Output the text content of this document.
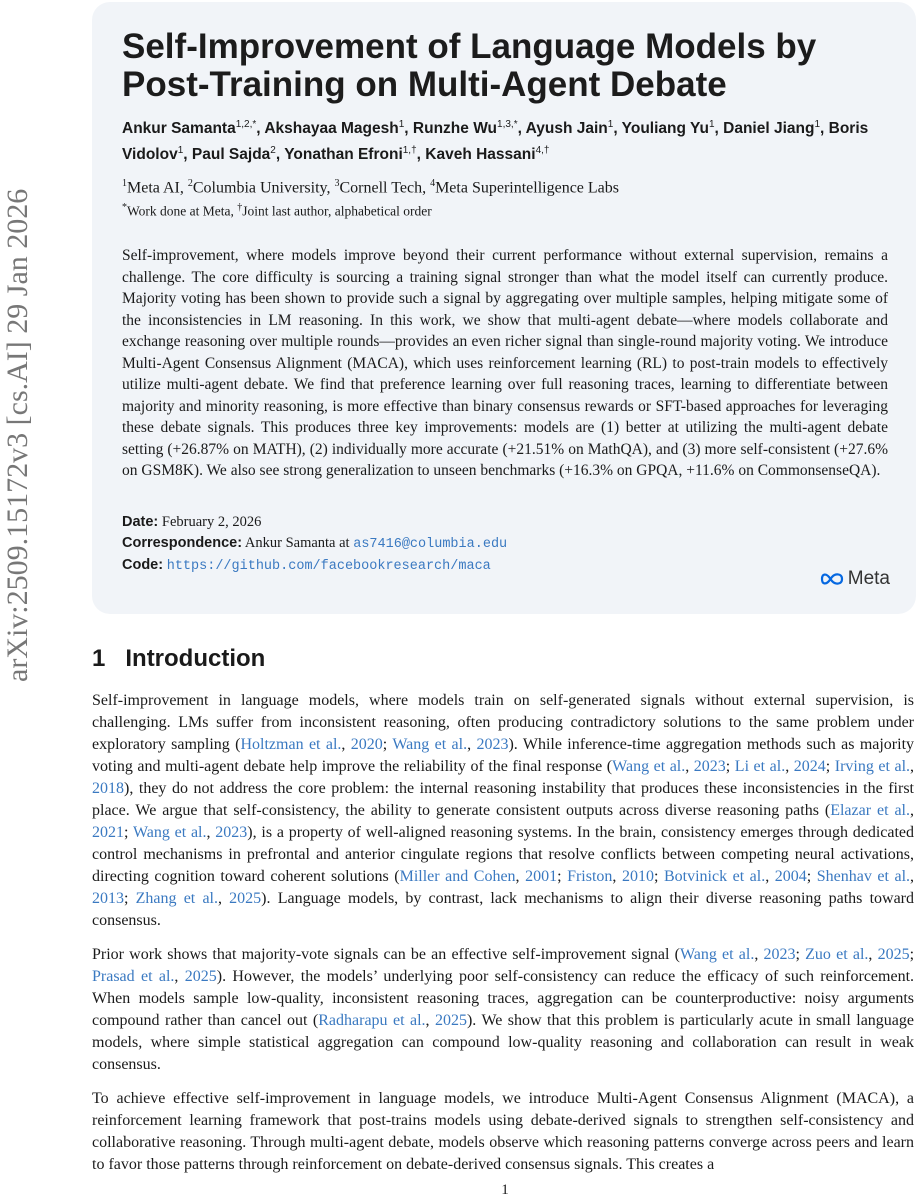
arXiv:2509.15172v3 [cs.AI] 29 Jan 2026
Self-Improvement of Language Models by Post-Training on Multi-Agent Debate

Ankur Samanta$^{1,2,*}$, Akshayaa Magesh$^1$, Runzhe $Wu^{1,3,*}$, Ayush Jain$^1$, Youliang Yu$^1$, Daniel Jiang$^1$, Boris Vidolov$^1$, Paul Sajda$^2$, Yonathan Efroni$^{1,\dagger}$, Kaveh Hassani$^{4,\dagger}$

$^1$Meta AI, $^2$Columbia University, $^3$Cornell Tech, $^4$Meta Superintelligence Labs
*Work done at Meta, †Joint last author, alphabetical order

Self-improvement, where models improve beyond their current performance without external supervision, remains a challenge. The core difficulty is sourcing a training signal stronger than what the model itself can currently produce. Majority voting has been shown to provide such a signal by aggregating over multiple samples, helping mitigate some of the inconsistencies in LM reasoning. In this work, we show that multi-agent debate—where models collaborate and exchange reasoning over multiple rounds—provides an even richer signal than single-round majority voting. We introduce Multi-Agent Consensus Alignment (MACA), which uses reinforcement learning (RL) to post-train models to effectively utilize multi-agent debate. We find that preference learning over full reasoning traces, learning to differentiate between majority and minority reasoning, is more effective than binary consensus rewards or SFT-based approaches for leveraging these debate signals. This produces three key improvements: models are (1) better at utilizing the multi-agent debate setting (+26.87% on MATH), (2) individually more accurate (+21.51% on MathQA), and (3) more self-consistent (+27.6% on GSM8K). We also see strong generalization to unseen benchmarks (+16.3% on GPQA, +11.6% on CommonsenseQA).

Date: February 2, 2026
Correspondence: Ankur Samanta at as7416@columbia.edu
Code: https://github.com/facebookresearch/maca
Meta
1 Introduction

Self-improvement in language models, where models train on self-generated signals without external supervision, is challenging. LMs suffer from inconsistent reasoning, often producing contradictory solutions to the same problem under exploratory sampling (Holtzman et al., 2020; Wang et al., 2023). While inference-time aggregation methods such as majority voting and multi-agent debate help improve the reliability of the final response (Wang et al., 2023; Li et al., 2024; Irving et al., 2018), they do not address the core problem: the internal reasoning instability that produces these inconsistencies in the first place. We argue that self-consistency, the ability to generate consistent outputs across diverse reasoning paths (Elazar et al., 2021; Wang et al., 2023), is a property of well-aligned reasoning systems. In the brain, consistency emerges through dedicated control mechanisms in prefrontal and anterior cingulate regions that resolve conflicts between competing neural activations, directing cognition toward coherent solutions (Miller and Cohen, 2001; Friston, 2010; Botvinick et al., 2004; Shenhav et al., 2013; Zhang et al., 2025). Language models, by contrast, lack mechanisms to align their diverse reasoning paths toward consensus.

Prior work shows that majority-vote signals can be an effective self-improvement signal (Wang et al., 2023; Zuo et al., 2025; Prasad et al., 2025). However, the models’ underlying poor self-consistency can reduce the efficacy of such reinforcement. When models sample low-quality, inconsistent reasoning traces, aggregation can be counterproductive: noisy arguments compound rather than cancel out (Radharapu et al., 2025). We show that this problem is particularly acute in small language models, where simple statistical aggregation can compound low-quality reasoning and collaboration can result in weak consensus.

To achieve effective self-improvement in language models, we introduce Multi-Agent Consensus Alignment (MACA), a reinforcement learning framework that post-trains models using debate-derived signals to strengthen self-consistency and collaborative reasoning. Through multi-agent debate, models observe which reasoning patterns converge across peers and learn to favor those patterns through reinforcement on debate-derived consensus signals. This creates a

1
